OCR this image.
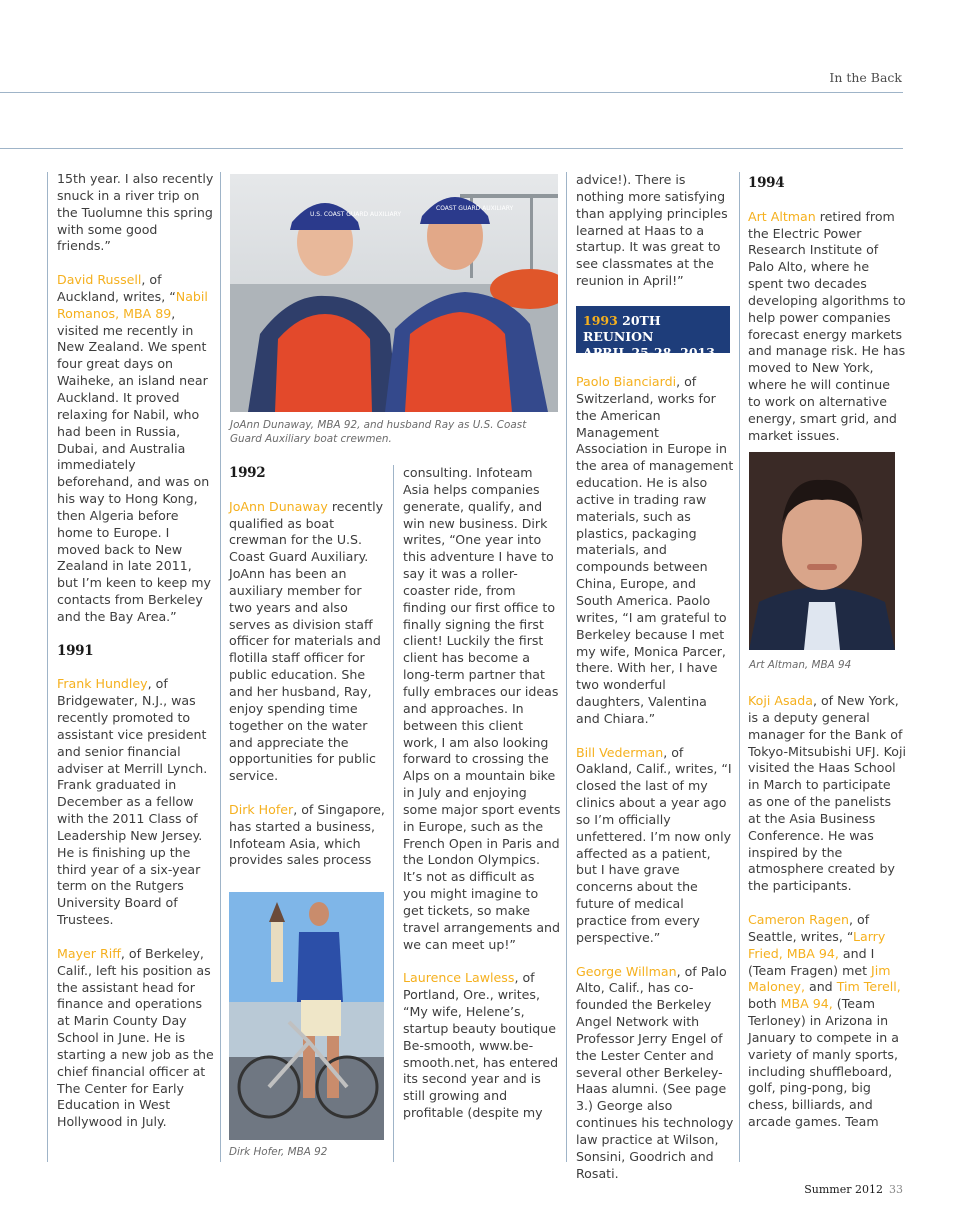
In the Back

15th year. I also recently snuck in a river trip on the Tuolumne this spring with some good friends.”

David Russell, of Auckland, writes, “Nabil Romanos, MBA 89, visited me recently in New Zealand. We spent four great days on Waiheke, an island near Auckland. It proved relaxing for Nabil, who had been in Russia, Dubai, and Australia immediately beforehand, and was on his way to Hong Kong, then Algeria before home to Europe. I moved back to New Zealand in late 2011, but I’m keen to keep my contacts from Berkeley and the Bay Area.”

1991

Frank Hundley, of Bridgewater, N.J., was recently promoted to assistant vice president and senior financial adviser at Merrill Lynch. Frank graduated in December as a fellow with the 2011 Class of Leadership New Jersey. He is finishing up the third year of a six-year term on the Rutgers University Board of Trustees.

Mayer Riff, of Berkeley, Calif., left his position as the assistant head for finance and operations at Marin County Day School in June. He is starting a new job as the chief financial officer at The Center for Early Education in West Hollywood in July.

U.S. COAST GUARD AUXILIARY
COAST GUARD AUXILIARY
JoAnn Dunaway, MBA 92, and husband Ray as U.S. Coast Guard Auxiliary boat crewmen.

1992

JoAnn Dunaway recently qualified as boat crewman for the U.S. Coast Guard Auxiliary. JoAnn has been an auxiliary member for two years and also serves as division staff officer for materials and flotilla staff officer for public education. She and her husband, Ray, enjoy spending time together on the water and appreciate the opportunities for public service.

Dirk Hofer, of Singapore, has started a business, Infoteam Asia, which provides sales process

Dirk Hofer, MBA 92

consulting. Infoteam Asia helps companies generate, qualify, and win new business. Dirk writes, “One year into this adventure I have to say it was a roller-coaster ride, from finding our first office to finally signing the first client! Luckily the first client has become a long-term partner that fully embraces our ideas and approaches. In between this client work, I am also looking forward to crossing the Alps on a mountain bike in July and enjoying some major sport events in Europe, such as the French Open in Paris and the London Olympics. It’s not as difficult as you might imagine to get tickets, so make travel arrangements and we can meet up!”

Laurence Lawless, of Portland, Ore., writes, “My wife, Helene’s, startup beauty boutique Be-smooth, www.be-smooth.net, has entered its second year and is still growing and profitable (despite my

advice!). There is nothing more satisfying than applying principles learned at Haas to a startup. It was great to see classmates at the reunion in April!”

1993 20TH REUNION
APRIL 25-28, 2013

Paolo Bianciardi, of Switzerland, works for the American Management Association in Europe in the area of management education. He is also active in trading raw materials, such as plastics, packaging materials, and compounds between China, Europe, and South America. Paolo writes, “I am grateful to Berkeley because I met my wife, Monica Parcer, there. With her, I have two wonderful daughters, Valentina and Chiara.”

Bill Vederman, of Oakland, Calif., writes, “I closed the last of my clinics about a year ago so I’m officially unfettered. I’m now only affected as a patient, but I have grave concerns about the future of medical practice from every perspective.”

George Willman, of Palo Alto, Calif., has co-founded the Berkeley Angel Network with Professor Jerry Engel of the Lester Center and several other Berkeley-Haas alumni. (See page 3.) George also continues his technology law practice at Wilson, Sonsini, Goodrich and Rosati.

1994

Art Altman retired from the Electric Power Research Institute of Palo Alto, where he spent two decades developing algorithms to help power companies forecast energy markets and manage risk. He has moved to New York, where he will continue to work on alternative energy, smart grid, and market issues.

Art Altman, MBA 94

Koji Asada, of New York, is a deputy general manager for the Bank of Tokyo-Mitsubishi UFJ. Koji visited the Haas School in March to participate as one of the panelists at the Asia Business Conference. He was inspired by the atmosphere created by the participants.

Cameron Ragen, of Seattle, writes, “Larry Fried, MBA 94, and I (Team Fragen) met Jim Maloney, and Tim Terell, both MBA 94, (Team Terloney) in Arizona in January to compete in a variety of manly sports, including shuffleboard, golf, ping-pong, big chess, billiards, and arcade games. Team

Summer 2012 33
